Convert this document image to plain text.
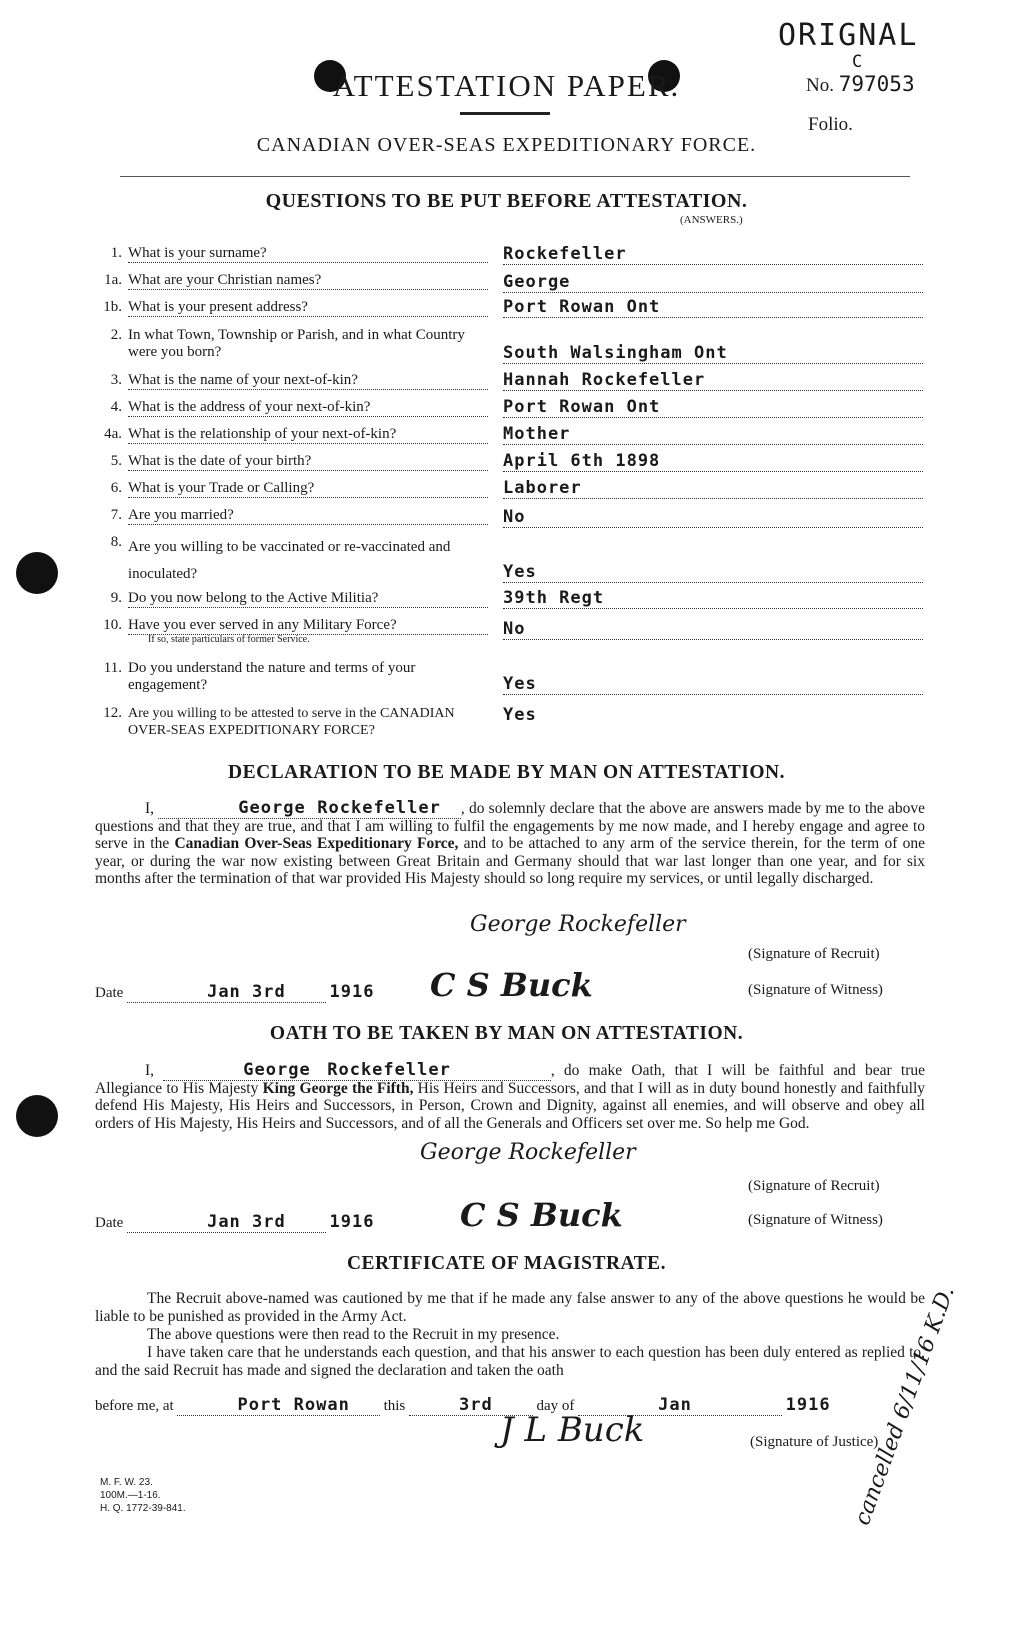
ORIGNAL
C
No. 797053
Folio.
ATTESTATION PAPER.
CANADIAN OVER-SEAS EXPEDITIONARY FORCE.
QUESTIONS TO BE PUT BEFORE ATTESTATION.
(ANSWERS.)
1. What is your surname?	Rockefeller
1a. What are your Christian names?	George
1b. What is your present address?	Port Rowan Ont
2. In what Town, Township or Parish, and in what Country were you born?	South Walsingham Ont
3. What is the name of your next-of-kin?	Hannah Rockefeller
4. What is the address of your next-of-kin?	Port Rowan Ont
4a. What is the relationship of your next-of-kin?	Mother
5. What is the date of your birth?	April 6th 1898
6. What is your Trade or Calling?	Laborer
7. Are you married?	No
8. Are you willing to be vaccinated or re-vaccinated and inoculated?	Yes
9. Do you now belong to the Active Militia?	39th Regt
10. Have you ever served in any Military Force?
If so, state particulars of former Service.
No
11. Do you understand the nature and terms of your engagement?	Yes
12. Are you willing to be attested to serve in the CANADIAN OVER-SEAS EXPEDITIONARY FORCE?
Yes
DECLARATION TO BE MADE BY MAN ON ATTESTATION.
I,	George Rockefeller , do solemnly declare that the above are answers made by me to the above questions and that they are true, and that I am willing to fulfil the engagements by me now made, and I hereby engage and agree to serve in the Canadian Over-Seas Expeditionary Force, and to be attached to any arm of the service therein, for the term of one year, or during the war now existing between Great Britain and Germany should that war last longer than one year, and for six months after the termination of that war provided His Majesty should so long require my services, or until legally discharged.
George Rockefeller
(Signature of Recruit)
Date	Jan 3rd	1916 C S Buck	(Signature of Witness)
OATH TO BE TAKEN BY MAN ON ATTESTATION.
I,	George Rockefeller	, do make Oath, that I will be faithful and bear true Allegiance to His Majesty King George the Fifth, His Heirs and Successors, and that I will as in duty bound honestly and faithfully defend His Majesty, His Heirs and Successors, in Person, Crown and Dignity, against all enemies, and will observe and obey all orders of His Majesty, His Heirs and Successors, and of all the Generals and Officers set over me. So help me God.
George Rockefeller
(Signature of Recruit)
Date	Jan 3rd	1916	C S Buck	(Signature of Witness)
CERTIFICATE OF MAGISTRATE.
The Recruit above-named was cautioned by me that if he made any false answer to any of the above questions he would be liable to be punished as provided in the Army Act.
The above questions were then read to the Recruit in my presence.
I have taken care that he understands each question, and that his answer to each question has been duly entered as replied to, and the said Recruit has made and signed the declaration and taken the oath
before me, at	Port Rowan this	3rd	day of	Jan	1916
J L Buck	(Signature of Justice)
M. F. W. 23.
100M.—1-16.
H. Q. 1772-39-841.	cancelled 6/11/16 K.D.
